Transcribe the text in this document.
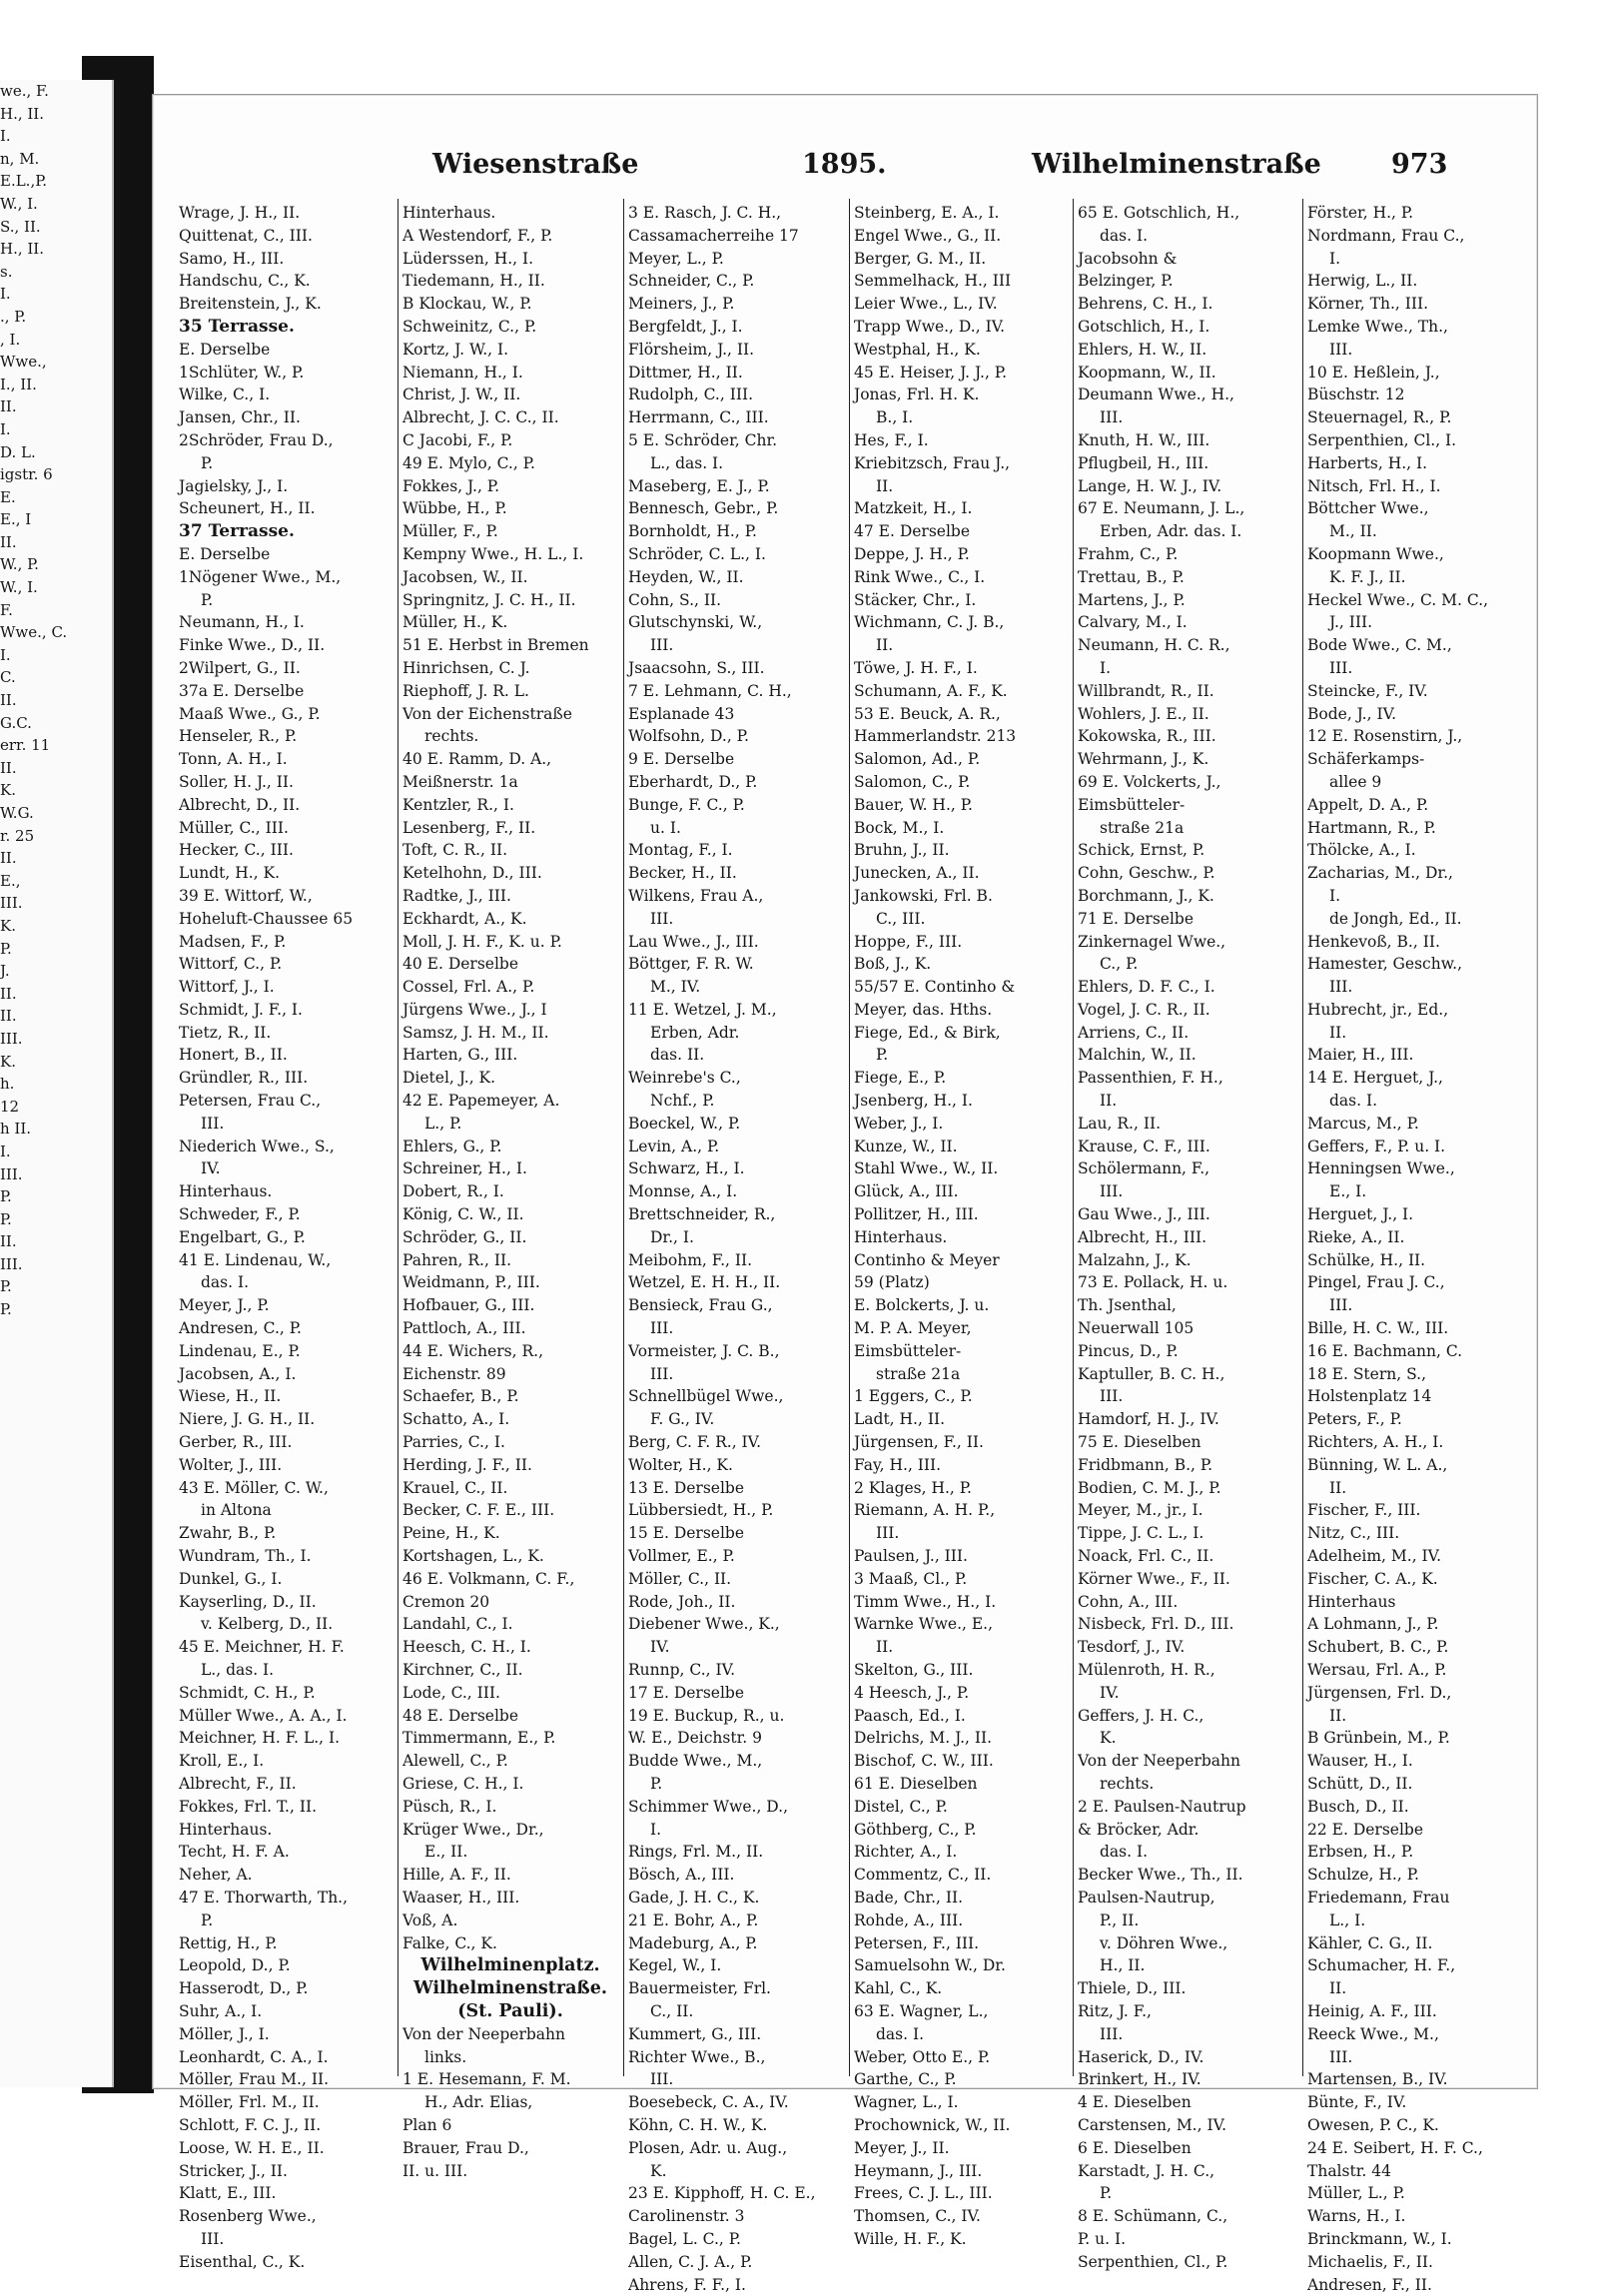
we., F.
H., II.
I.
n, M.
E.L.,P.
W., I.
S., II.
H., II.
s.
I.
., P.
, I.
Wwe.,
I., II.
II.
I.
D. L.
igstr. 6
E.
E., I
II.
W., P.
W., I.
F.
Wwe., C.
I.
C.
II.
G.C.
err. 11
II.
K.
W.G.
r. 25
II.
E.,
III.
K.
P.
J.
II.
II.
III.
K.
h.
12
h II.
I.
III.
P.
P.
II.
III.
P.
P.
Wiesenstraße	1895.	Wilhelminenstraße	973
Wrage, J. H., II.
Quittenat, C., III.
Samo, H., III.
Handschu, C., K.
Breitenstein, J., K.
35 Terrasse.
E. Derselbe
1Schlüter, W., P.
Wilke, C., I.
Jansen, Chr., II.
2Schröder, Frau D.,
P.
Jagielsky, J., I.
Scheunert, H., II.
37 Terrasse.
E. Derselbe
1Nögener Wwe., M.,
P.
Neumann, H., I.
Finke Wwe., D., II.
2Wilpert, G., II.
37a E. Derselbe
Maaß Wwe., G., P.
Henseler, R., P.
Tonn, A. H., I.
Soller, H. J., II.
Albrecht, D., II.
Müller, C., III.
Hecker, C., III.
Lundt, H., K.
39 E. Wittorf, W.,
Hoheluft-Chaussee 65
Madsen, F., P.
Wittorf, C., P.
Wittorf, J., I.
Schmidt, J. F., I.
Tietz, R., II.
Honert, B., II.
Gründler, R., III.
Petersen, Frau C.,
III.
Niederich Wwe., S.,
IV.
Hinterhaus.
Schweder, F., P.
Engelbart, G., P.
41 E. Lindenau, W.,
das. I.
Meyer, J., P.
Andresen, C., P.
Lindenau, E., P.
Jacobsen, A., I.
Wiese, H., II.
Niere, J. G. H., II.
Gerber, R., III.
Wolter, J., III.
43 E. Möller, C. W.,
in Altona
Zwahr, B., P.
Wundram, Th., I.
Dunkel, G., I.
Kayserling, D., II.
v. Kelberg, D., II.
45 E. Meichner, H. F.
L., das. I.
Schmidt, C. H., P.
Müller Wwe., A. A., I.
Meichner, H. F. L., I.
Kroll, E., I.
Albrecht, F., II.
Fokkes, Frl. T., II.
Hinterhaus.
Techt, H. F. A.
Neher, A.
47 E. Thorwarth, Th.,
P.
Rettig, H., P.
Leopold, D., P.
Hasserodt, D., P.
Suhr, A., I.
Möller, J., I.
Leonhardt, C. A., I.
Möller, Frau M., II.
Möller, Frl. M., II.
Schlott, F. C. J., II.
Loose, W. H. E., II.
Stricker, J., II.
Klatt, E., III.
Rosenberg Wwe.,
III.
Eisenthal, C., K.
Hinterhaus.
A Westendorf, F., P.
Lüderssen, H., I.
Tiedemann, H., II.
B Klockau, W., P.
Schweinitz, C., P.
Kortz, J. W., I.
Niemann, H., I.
Christ, J. W., II.
Albrecht, J. C. C., II.
C Jacobi, F., P.
49 E. Mylo, C., P.
Fokkes, J., P.
Wübbe, H., P.
Müller, F., P.
Kempny Wwe., H. L., I.
Jacobsen, W., II.
Springnitz, J. C. H., II.
Müller, H., K.
51 E. Herbst in Bremen
Hinrichsen, C. J.
Riephoff, J. R. L.
Von der Eichenstraße
rechts.
40 E. Ramm, D. A.,
Meißnerstr. 1a
Kentzler, R., I.
Lesenberg, F., II.
Toft, C. R., II.
Ketelhohn, D., III.
Radtke, J., III.
Eckhardt, A., K.
Moll, J. H. F., K. u. P.
40 E. Derselbe
Cossel, Frl. A., P.
Jürgens Wwe., J., I
Samsz, J. H. M., II.
Harten, G., III.
Dietel, J., K.
42 E. Papemeyer, A.
L., P.
Ehlers, G., P.
Schreiner, H., I.
Dobert, R., I.
König, C. W., II.
Schröder, G., II.
Pahren, R., II.
Weidmann, P., III.
Hofbauer, G., III.
Pattloch, A., III.
44 E. Wichers, R.,
Eichenstr. 89
Schaefer, B., P.
Schatto, A., I.
Parries, C., I.
Herding, J. F., II.
Krauel, C., II.
Becker, C. F. E., III.
Peine, H., K.
Kortshagen, L., K.
46 E. Volkmann, C. F.,
Cremon 20
Landahl, C., I.
Heesch, C. H., I.
Kirchner, C., II.
Lode, C., III.
48 E. Derselbe
Timmermann, E., P.
Alewell, C., P.
Griese, C. H., I.
Püsch, R., I.
Krüger Wwe., Dr.,
E., II.
Hille, A. F., II.
Waaser, H., III.
Voß, A.
Falke, C., K.
Wilhelminenplatz.
Wilhelminenstraße.
(St. Pauli).
Von der Neeperbahn
links.
1 E. Hesemann, F. M.
H., Adr. Elias,
Plan 6
Brauer, Frau D.,
II. u. III.
3 E. Rasch, J. C. H.,
Cassamacherreihe 17
Meyer, L., P.
Schneider, C., P.
Meiners, J., P.
Bergfeldt, J., I.
Flörsheim, J., II.
Dittmer, H., II.
Rudolph, C., III.
Herrmann, C., III.
5 E. Schröder, Chr.
L., das. I.
Maseberg, E. J., P.
Bennesch, Gebr., P.
Bornholdt, H., P.
Schröder, C. L., I.
Heyden, W., II.
Cohn, S., II.
Glutschynski, W.,
III.
Jsaacsohn, S., III.
7 E. Lehmann, C. H.,
Esplanade 43
Wolfsohn, D., P.
9 E. Derselbe
Eberhardt, D., P.
Bunge, F. C., P.
u. I.
Montag, F., I.
Becker, H., II.
Wilkens, Frau A.,
III.
Lau Wwe., J., III.
Böttger, F. R. W.
M., IV.
11 E. Wetzel, J. M.,
Erben, Adr.
das. II.
Weinrebe's C.,
Nchf., P.
Boeckel, W., P.
Levin, A., P.
Schwarz, H., I.
Monnse, A., I.
Brettschneider, R.,
Dr., I.
Meibohm, F., II.
Wetzel, E. H. H., II.
Bensieck, Frau G.,
III.
Vormeister, J. C. B.,
III.
Schnellbügel Wwe.,
F. G., IV.
Berg, C. F. R., IV.
Wolter, H., K.
13 E. Derselbe
Lübbersiedt, H., P.
15 E. Derselbe
Vollmer, E., P.
Möller, C., II.
Rode, Joh., II.
Diebener Wwe., K.,
IV.
Runnp, C., IV.
17 E. Derselbe
19 E. Buckup, R., u.
W. E., Deichstr. 9
Budde Wwe., M.,
P.
Schimmer Wwe., D.,
I.
Rings, Frl. M., II.
Bösch, A., III.
Gade, J. H. C., K.
21 E. Bohr, A., P.
Madeburg, A., P.
Kegel, W., I.
Bauermeister, Frl.
C., II.
Kummert, G., III.
Richter Wwe., B.,
III.
Boesebeck, C. A., IV.
Köhn, C. H. W., K.
Plosen, Adr. u. Aug.,
K.
23 E. Kipphoff, H. C. E.,
Carolinenstr. 3
Bagel, L. C., P.
Allen, C. J. A., P.
Ahrens, F. F., I.
Steinberg, E. A., I.
Engel Wwe., G., II.
Berger, G. M., II.
Semmelhack, H., III
Leier Wwe., L., IV.
Trapp Wwe., D., IV.
Westphal, H., K.
45 E. Heiser, J. J., P.
Jonas, Frl. H. K.
B., I.
Hes, F., I.
Kriebitzsch, Frau J.,
II.
Matzkeit, H., I.
47 E. Derselbe
Deppe, J. H., P.
Rink Wwe., C., I.
Stäcker, Chr., I.
Wichmann, C. J. B.,
II.
Töwe, J. H. F., I.
Schumann, A. F., K.
53 E. Beuck, A. R.,
Hammerlandstr. 213
Salomon, Ad., P.
Salomon, C., P.
Bauer, W. H., P.
Bock, M., I.
Bruhn, J., II.
Junecken, A., II.
Jankowski, Frl. B.
C., III.
Hoppe, F., III.
Boß, J., K.
55/57 E. Continho &
Meyer, das. Hths.
Fiege, Ed., & Birk,
P.
Fiege, E., P.
Jsenberg, H., I.
Weber, J., I.
Kunze, W., II.
Stahl Wwe., W., II.
Glück, A., III.
Pollitzer, H., III.
Hinterhaus.
Continho & Meyer
59 (Platz)
E. Bolckerts, J. u.
M. P. A. Meyer,
Eimsbütteler-
straße 21a
1 Eggers, C., P.
Ladt, H., II.
Jürgensen, F., II.
Fay, H., III.
2 Klages, H., P.
Riemann, A. H. P.,
III.
Paulsen, J., III.
3 Maaß, Cl., P.
Timm Wwe., H., I.
Warnke Wwe., E.,
II.
Skelton, G., III.
4 Heesch, J., P.
Paasch, Ed., I.
Delrichs, M. J., II.
Bischof, C. W., III.
61 E. Dieselben
Distel, C., P.
Göthberg, C., P.
Richter, A., I.
Commentz, C., II.
Bade, Chr., II.
Rohde, A., III.
Petersen, F., III.
Samuelsohn W., Dr.
Kahl, C., K.
63 E. Wagner, L.,
das. I.
Weber, Otto E., P.
Garthe, C., P.
Wagner, L., I.
Prochownick, W., II.
Meyer, J., II.
Heymann, J., III.
Frees, C. J. L., III.
Thomsen, C., IV.
Wille, H. F., K.
65 E. Gotschlich, H.,
das. I.
Jacobsohn &
Belzinger, P.
Behrens, C. H., I.
Gotschlich, H., I.
Ehlers, H. W., II.
Koopmann, W., II.
Deumann Wwe., H.,
III.
Knuth, H. W., III.
Pflugbeil, H., III.
Lange, H. W. J., IV.
67 E. Neumann, J. L.,
Erben, Adr. das. I.
Frahm, C., P.
Trettau, B., P.
Martens, J., P.
Calvary, M., I.
Neumann, H. C. R.,
I.
Willbrandt, R., II.
Wohlers, J. E., II.
Kokowska, R., III.
Wehrmann, J., K.
69 E. Volckerts, J.,
Eimsbütteler-
straße 21a
Schick, Ernst, P.
Cohn, Geschw., P.
Borchmann, J., K.
71 E. Derselbe
Zinkernagel Wwe.,
C., P.
Ehlers, D. F. C., I.
Vogel, J. C. R., II.
Arriens, C., II.
Malchin, W., II.
Passenthien, F. H.,
II.
Lau, R., II.
Krause, C. F., III.
Schölermann, F.,
III.
Gau Wwe., J., III.
Albrecht, H., III.
Malzahn, J., K.
73 E. Pollack, H. u.
Th. Jsenthal,
Neuerwall 105
Pincus, D., P.
Kaptuller, B. C. H.,
III.
Hamdorf, H. J., IV.
75 E. Dieselben
Fridbmann, B., P.
Bodien, C. M. J., P.
Meyer, M., jr., I.
Tippe, J. C. L., I.
Noack, Frl. C., II.
Körner Wwe., F., II.
Cohn, A., III.
Nisbeck, Frl. D., III.
Tesdorf, J., IV.
Mülenroth, H. R.,
IV.
Geffers, J. H. C.,
K.
Von der Neeperbahn
rechts.
2 E. Paulsen-Nautrup
& Bröcker, Adr.
das. I.
Becker Wwe., Th., II.
Paulsen-Nautrup,
P., II.
v. Döhren Wwe.,
H., II.
Thiele, D., III.
Ritz, J. F.,
III.
Haserick, D., IV.
Brinkert, H., IV.
4 E. Dieselben
Carstensen, M., IV.
6 E. Dieselben
Karstadt, J. H. C.,
P.
8 E. Schümann, C.,
P. u. I.
Serpenthien, Cl., P.
Förster, H., P.
Nordmann, Frau C.,
I.
Herwig, L., II.
Körner, Th., III.
Lemke Wwe., Th.,
III.
10 E. Heßlein, J.,
Büschstr. 12
Steuernagel, R., P.
Serpenthien, Cl., I.
Harberts, H., I.
Nitsch, Frl. H., I.
Böttcher Wwe.,
M., II.
Koopmann Wwe.,
K. F. J., II.
Heckel Wwe., C. M. C.,
J., III.
Bode Wwe., C. M.,
III.
Steincke, F., IV.
Bode, J., IV.
12 E. Rosenstirn, J.,
Schäferkamps-
allee 9
Appelt, D. A., P.
Hartmann, R., P.
Thölcke, A., I.
Zacharias, M., Dr.,
I.
de Jongh, Ed., II.
Henkevoß, B., II.
Hamester, Geschw.,
III.
Hubrecht, jr., Ed.,
II.
Maier, H., III.
14 E. Herguet, J.,
das. I.
Marcus, M., P.
Geffers, F., P. u. I.
Henningsen Wwe.,
E., I.
Herguet, J., I.
Rieke, A., II.
Schülke, H., II.
Pingel, Frau J. C.,
III.
Bille, H. C. W., III.
16 E. Bachmann, C.
18 E. Stern, S.,
Holstenplatz 14
Peters, F., P.
Richters, A. H., I.
Bünning, W. L. A.,
II.
Fischer, F., III.
Nitz, C., III.
Adelheim, M., IV.
Fischer, C. A., K.
Hinterhaus
A Lohmann, J., P.
Schubert, B. C., P.
Wersau, Frl. A., P.
Jürgensen, Frl. D.,
II.
B Grünbein, M., P.
Wauser, H., I.
Schütt, D., II.
Busch, D., II.
22 E. Derselbe
Erbsen, H., P.
Schulze, H., P.
Friedemann, Frau
L., I.
Kähler, C. G., II.
Schumacher, H. F.,
II.
Heinig, A. F., III.
Reeck Wwe., M.,
III.
Martensen, B., IV.
Bünte, F., IV.
Owesen, P. C., K.
24 E. Seibert, H. F. C.,
Thalstr. 44
Müller, L., P.
Warns, H., I.
Brinckmann, W., I.
Michaelis, F., II.
Andresen, F., II.
